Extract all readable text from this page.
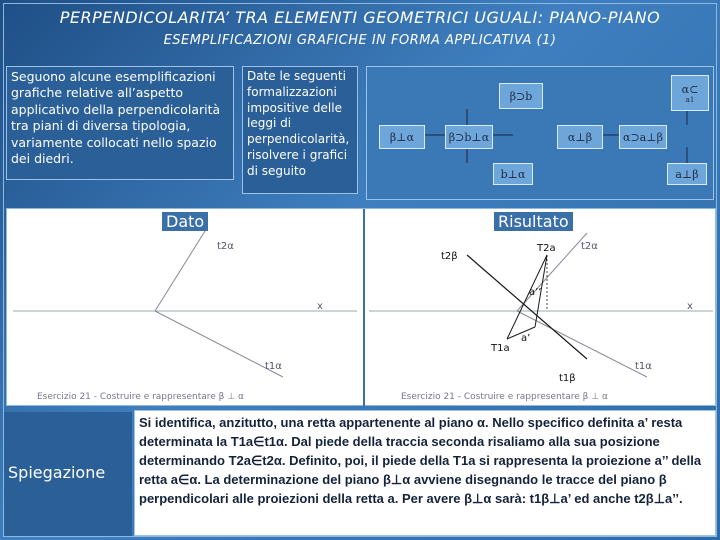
PERPENDICOLARITA’ TRA ELEMENTI GEOMETRICI UGUALI: PIANO-PIANO
ESEMPLIFICAZIONI GRAFICHE IN FORMA APPLICATIVA (1)
Seguono alcune esemplificazioni grafiche relative all’aspetto applicativo della perpendicolarità tra piani di diversa tipologia, variamente collocati nello spazio dei diedri.
Date le seguenti formalizzazioni impositive delle leggi di perpendicolarità, risolvere i grafici di seguito
β⊃b
β⊥α	β⊃b⊥α	α⊥β	α⊃a⊥β
b⊥α	a⊥β
α⊂
a1
t2α
t1α
x
Esercizio 21 - Costruire e rappresentare β ⊥ α
t2β
T2a
a’’
T1a
a’
t1β
t2α
t1α
x
Esercizio 21 - Costruire e rappresentare β ⊥ α
Dato	Risultato
Spiegazione
Si identifica, anzitutto, una retta appartenente al piano α. Nello specifico definita a’ resta determinata la T1a∈t1α. Dal piede della traccia seconda risaliamo alla sua posizione determinando T2a∈t2α. Definito, poi, il piede della T1a si rappresenta la proiezione a’’ della retta a∈α. La determinazione del piano β⊥α avviene disegnando le tracce del piano β perpendicolari alle proiezioni della retta a. Per avere β⊥α sarà: t1β⊥a’ ed anche t2β⊥a’’.
